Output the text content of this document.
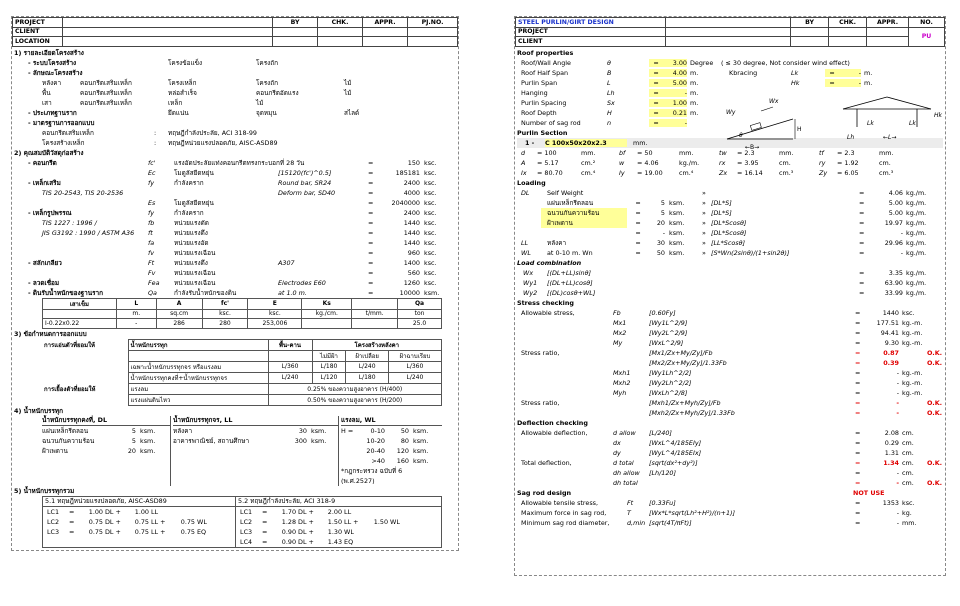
PROJECT		BY	CHK.	APPR.	PJ.NO.
CLIENT					
LOCATION					
1) รายละเอียดโครงสร้าง
- ระบบโครงสร้าง	โครงข้อแข็ง	โครงถัก
- ลักษณะโครงสร้าง
หลังคา	คอนกรีตเสริมเหล็ก	โครงเหล็ก	โครงถัก	ไม้
พื้น	คอนกรีตเสริมเหล็ก	หล่อสำเร็จ	คอนกรีตอัดแรง	ไม้
เสา	คอนกรีตเสริมเหล็ก	เหล็ก	ไม้
- ประเภทฐานราก	ยึดแน่น	จุดหมุน	สไลด์
- มาตรฐานการออกแบบ
คอนกรีตเสริมเหล็ก	:	ทฤษฎีกำลังประลัย, ACI 318-99
โครงสร้างเหล็ก	:	ทฤษฎีหน่วยแรงปลอดภัย, AISC-ASD89
2) คุณสมบัติวัสดุก่อสร้าง
- คอนกรีต	fc'	แรงอัดประลัยแท่งคอนกรีตทรงกระบอกที่ 28 วัน	=	150 ksc.
Ec	โมดูลัสยืดหยุ่น	[15120(fc')^0.5]	=	185181 ksc.
- เหล็กเสริม	fy	กำลังคราก	Round bar, SR24	=	2400 ksc.
TIS 20-2543, TIS 20-2536	Deform bar, SD40	=	4000 ksc.
Es	โมดูลัสยืดหยุ่น	=	2040000 ksc.
- เหล็กรูปพรรณ	fy	กำลังคราก	=	2400 ksc.
TIS 1227 : 1996 /	fb	หน่วยแรงดัด	=	1440 ksc.
JIS G3192 : 1990 / ASTM A36	ft	หน่วยแรงดึง	=	1440 ksc.
fa	หน่วยแรงอัด	=	1440 ksc.
fv	หน่วยแรงเฉือน	=	960 ksc.
- สลักเกลียว	Ft	หน่วยแรงดึง	A307	=	1400 ksc.
Fv	หน่วยแรงเฉือน	=	560 ksc.
- ลวดเชื่อม	Fea	หน่วยแรงเฉือน	Electrodes E60	=	1260 ksc.
- ดินรับน้ำหนักของฐานราก	Qa	กำลังรับน้ำหนักของดิน	at 1.0 m.	=	10000 ksm.
เสาเข็ม	L	A	fc'	E	Ks		Qa
	m.	sq.cm	ksc.	ksc.	kg./cm.	t/mm.	ton
I-0.22x0.22	-	286	280	253,006			25.0
3) ข้อกำหนดการออกแบบ
การแอ่นตัวที่ยอมให้	น้ำหนักบรรทุก	พื้น-คาน	โครงสร้างหลังคา		
			ไม่มีฝ้า	ฝ้าเปลือย	ฝ้าฉาบเรียบ
	เฉพาะน้ำหนักบรรทุกจร หรือแรงลม	L/360	L/180	L/240	L/360
	น้ำหนักบรรทุกคงที่+น้ำหนักบรรทุกจร	L/240	L/120	L/180	L/240
การเยื้องตัวที่ยอมให้	แรงลม	0.25% ของความสูงอาคาร (H/400)			
	แรงแผ่นดินไหว	0.50% ของความสูงอาคาร (H/200)			
4) น้ำหนักบรรทุก
น้ำหนักบรรทุกคงที่, DL
แผ่นเหล็กรีดลอน	5 ksm.
ฉนวนกันความร้อน	5 ksm.
ฝ้าเพดาน	20 ksm.
น้ำหนักบรรทุกจร, LL
หลังคา	30 ksm.
อาคารพาณิชย์, สถานศึกษา	300 ksm.
แรงลม, WL
H =	0-10	50 ksm.
10-20	80 ksm.
20-40	120 ksm.
>40	160 ksm.
*กฎกระทรวง ฉบับที่ 6
(พ.ศ.2527)
5) น้ำหนักบรรทุกรวม
5.1 ทฤษฎีหน่วยแรงปลอดภัย, AISC-ASD89
LC1	=	1.00 DL +	1.00 LL
LC2	=	0.75 DL +	0.75 LL +	0.75 WL
LC3	=	0.75 DL +	0.75 LL +	0.75 EQ
5.2 ทฤษฎีกำลังประลัย, ACI 318-9
LC1	=	1.70 DL +	2.00 LL
LC2	=	1.28 DL +	1.50 LL +	1.50 WL
LC3	=	0.90 DL +	1.30 WL
LC4	=	0.90 DL +	1.43 EQ
STEEL PURLIN/GIRT DESIGN		BY	CHK.	APPR.	NO.
PROJECT					PU
CLIENT					
Roof properties
Roof/Wall Angle	θ	=	3.00 Degree	( ≤ 30 degree, Not consider wind effect)
Roof Half Span	B	=	4.00 m.	Kbracing	Lk	=	- m.
Purlin Span	L	=	5.00 m.	Hk	=	- m.
Hanging	Lh	=	- m.
Purlin Spacing	Sx	=	1.00 m.
Roof Depth	H	=	0.21 m.
Number of sag rod	n	=	-
Wy
Wx
θ
←B→
H
Lk	Lk
Hk
Lh	←L→
Purlin Section
1 -	C 100x50x20x2.3	mm.
d	= 100	mm.	bf	= 50	mm.	tw	= 2.3	mm.	tf	= 2.3	mm.
A	= 5.17	cm.²	w	= 4.06	kg./m.	rx	= 3.95	cm.	ry	= 1.92	cm.
Ix	= 80.70	cm.⁴	Iy	= 19.00	cm.⁴	Zx	= 16.14	cm.³	Zy	= 6.05	cm.³
Loading
DL	Self Weight	»	=	4.06 kg./m.
แผ่นเหล็กรีดลอน	=	5 ksm.	» [DL*S]	=	5.00 kg./m.
ฉนวนกันความร้อน	=	5 ksm.	» [DL*S]	=	5.00 kg./m.
ฝ้าเพดาน	=	20 ksm.	» [DL*Scosθ]	=	19.97 kg./m.
=	- ksm.	» [DL*Scosθ]	=	- kg./m.
LL	หลังคา	=	30 ksm.	» [LL*Scosθ]	=	29.96 kg./m.
WL	at 0-10 m. Wn	=	50 ksm.	» [S*Wn(2sinθ)/(1+sin2θ)]	=	- kg./m.
Load combination
Wx	[(DL+LL)sinθ]	=	3.35 kg./m.
Wy1	[(DL+LL)cosθ]	=	63.90 kg./m.
Wy2	[(DL)cosθ+WL]	=	33.99 kg./m.
Stress checking
Allowable stress,	Fb	[0.60Fy]	=	1440 ksc.
Mx1	[Wy1L^2/9]	=	177.51 kg.-m.
Mx2	[Wy2L^2/9]	=	94.41 kg.-m.
My	[WxL^2/9]	=	9.30 kg.-m.
Stress ratio,	[Mx1/Zx+My/Zy]/Fb	=	0.87	O.K.
[Mx2/Zx+My/Zy]/1.33Fb	=	0.39	O.K.
Mxh1	[Wy1Lh^2/2]	=	- kg.-m.
Mxh2	[Wy2Lh^2/2]	=	- kg.-m.
Myh	[WxLh^2/8]	=	- kg.-m.
Stress ratio,	[Mxh1/Zx+Myh/Zy]/Fb	=	-	O.K.
[Mxh2/Zx+Myh/Zy]/1.33Fb	=	-	O.K.
Deflection checking
Allowable deflection,	d allow	[L/240]	=	2.08 cm.
dx	[WxL^4/185EIy]	=	0.29 cm.
dy	[WyL^4/185EIx]	=	1.31 cm.
Total deflection,	d total	[sqrt(dx²+dy²)]	=	1.34 cm.	O.K.
dh allow	[Lh/120]	=	- cm.
dh total	=	- cm.	O.K.
Sag rod design	NOT USE
Allowable tensile stress,	Ft	[0.33Fu]	=	1353 ksc.
Maximum force in sag rod,	T	[Wx*L*sqrt(Lh²+H²)/(n+1)]	=	- kg.
Minimum sag rod diameter,	d,min [sqrt(4T/πFt)]	=	- mm.
